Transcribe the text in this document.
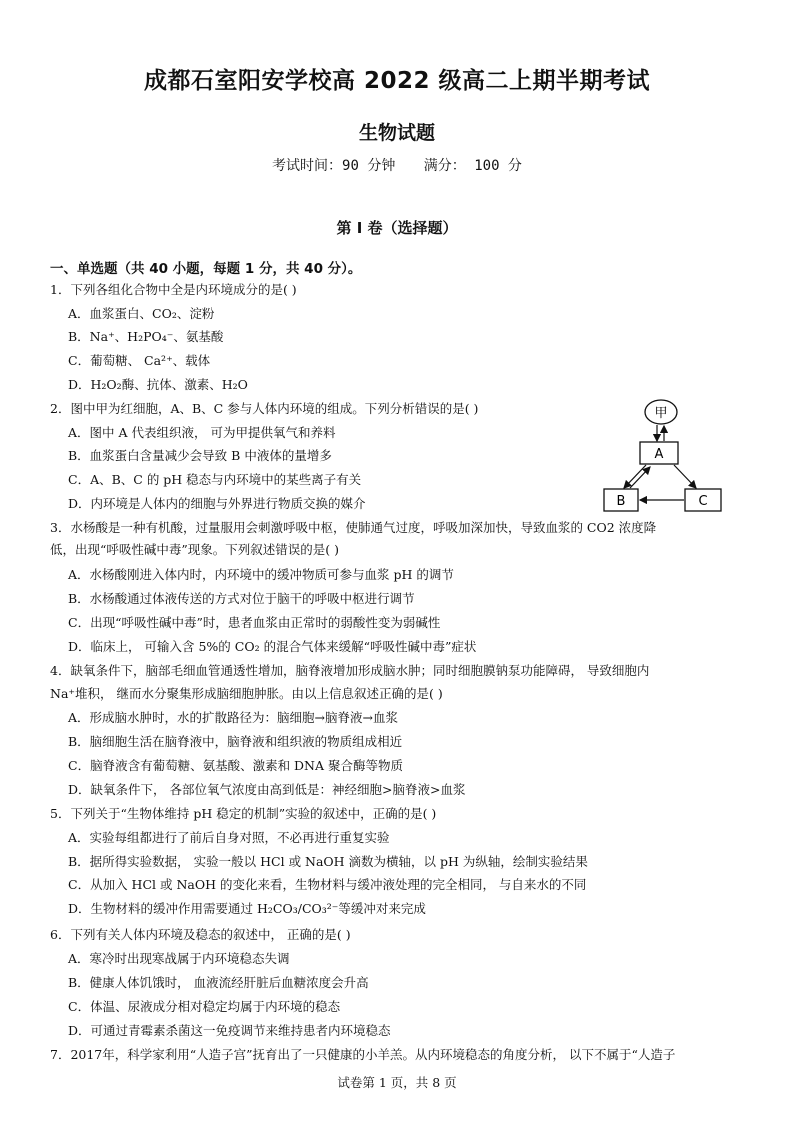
成都石室阳安学校高 2022 级高二上期半期考试
生物试题
考试时间：90 分钟 满分： 100 分
第 Ⅰ 卷（选择题）
一、单选题（共 40 小题，每题 1 分，共 40 分）。
1．下列各组化合物中全是内环境成分的是( )
A．血浆蛋白、CO₂、淀粉
B．Na⁺、H₂PO₄⁻、氨基酸
C．葡萄糖、 Ca²⁺、载体
D．H₂O₂酶、抗体、激素、H₂O
2．图中甲为红细胞，A、B、C 参与人体内环境的组成。下列分析错误的是( )
A．图中 A 代表组织液， 可为甲提供氧气和养料
B．血浆蛋白含量减少会导致 B 中液体的量增多
C．A、B、C 的 pH 稳态与内环境中的某些离子有关
D．内环境是人体内的细胞与外界进行物质交换的媒介
甲
A
B	C
3．水杨酸是一种有机酸，过量服用会刺激呼吸中枢，使肺通气过度，呼吸加深加快，导致血浆的 CO2 浓度降
低，出现“呼吸性碱中毒”现象。下列叙述错误的是( )
A．水杨酸刚进入体内时，内环境中的缓冲物质可参与血浆 pH 的调节
B．水杨酸通过体液传送的方式对位于脑干的呼吸中枢进行调节
C．出现“呼吸性碱中毒”时，患者血浆由正常时的弱酸性变为弱碱性
D．临床上， 可输入含 5%的 CO₂ 的混合气体来缓解“呼吸性碱中毒”症状
4．缺氧条件下，脑部毛细血管通透性增加，脑脊液增加形成脑水肿；同时细胞膜钠泵功能障碍， 导致细胞内
Na⁺堆积， 继而水分聚集形成脑细胞肿胀。由以上信息叙述正确的是( )
A．形成脑水肿时，水的扩散路径为：脑细胞→脑脊液→血浆
B．脑细胞生活在脑脊液中，脑脊液和组织液的物质组成相近
C．脑脊液含有葡萄糖、氨基酸、激素和 DNA 聚合酶等物质
D．缺氧条件下， 各部位氧气浓度由高到低是：神经细胞>脑脊液>血浆
5．下列关于“生物体维持 pH 稳定的机制”实验的叙述中，正确的是( )
A．实验每组都进行了前后自身对照，不必再进行重复实验
B．据所得实验数据， 实验一般以 HCl 或 NaOH 滴数为横轴，以 pH 为纵轴，绘制实验结果
C．从加入 HCl 或 NaOH 的变化来看，生物材料与缓冲液处理的完全相同， 与自来水的不同
D．生物材料的缓冲作用需要通过 H₂CO₃/CO₃²⁻等缓冲对来完成
6．下列有关人体内环境及稳态的叙述中， 正确的是( )
A．寒冷时出现寒战属于内环境稳态失调
B．健康人体饥饿时， 血液流经肝脏后血糖浓度会升高
C．体温、尿液成分相对稳定均属于内环境的稳态
D．可通过青霉素杀菌这一免疫调节来维持患者内环境稳态
7．2017年，科学家利用“人造子宫”抚育出了一只健康的小羊羔。从内环境稳态的角度分析， 以下不属于“人造子
试卷第 1 页，共 8 页
